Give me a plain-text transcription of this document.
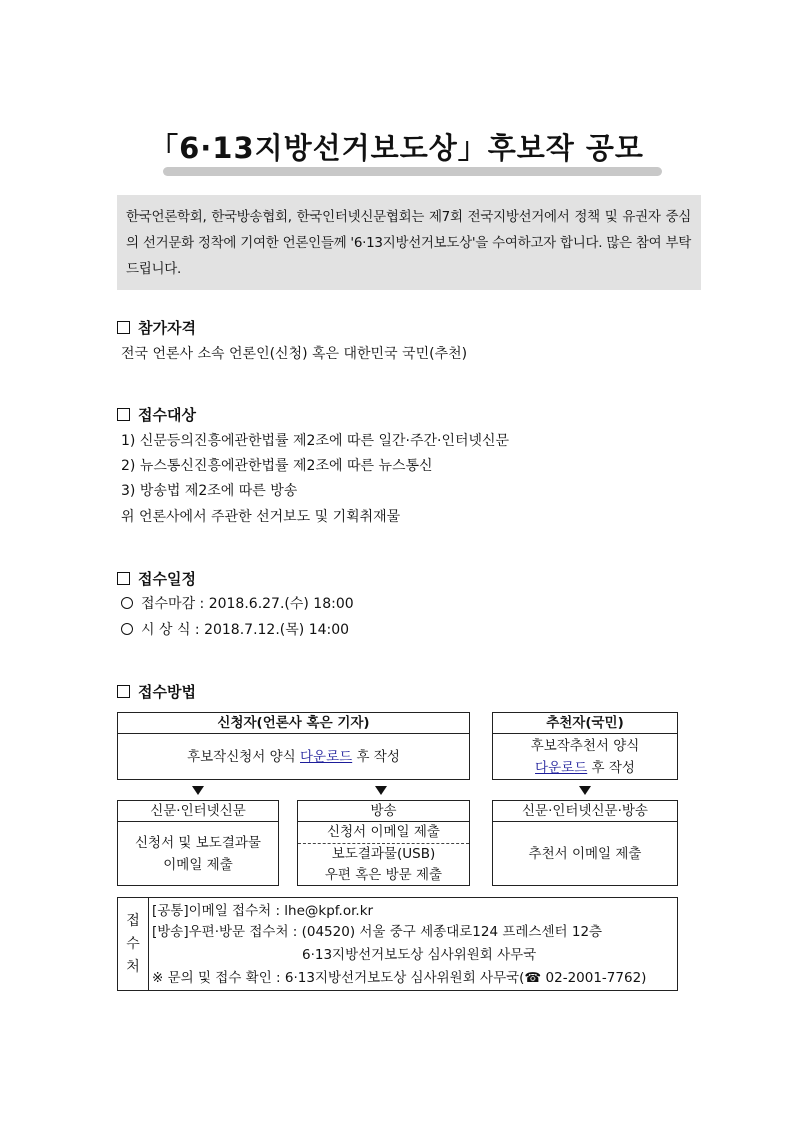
「6·13지방선거보도상」후보작 공모
한국언론학회, 한국방송협회, 한국인터넷신문협회는 제7회 전국지방선거에서 정책 및 유권자 중심의 선거문화 정착에 기여한 언론인들께 '6·13지방선거보도상'을 수여하고자 합니다. 많은 참여 부탁드립니다.
참가자격
전국 언론사 소속 언론인(신청) 혹은 대한민국 국민(추천)
접수대상
1) 신문등의진흥에관한법률 제2조에 따른 일간·주간·인터넷신문
2) 뉴스통신진흥에관한법률 제2조에 따른 뉴스통신
3) 방송법 제2조에 따른 방송
위 언론사에서 주관한 선거보도 및 기획취재물
접수일정
접수마감 : 2018.6.27.(수) 18:00
시 상 식 : 2018.7.12.(목) 14:00
접수방법
신청자(언론사 혹은 기자)
후보작신청서 양식 다운로드 후 작성
추천자(국민)
후보작추천서 양식
다운로드 후 작성
신문·인터넷신문
신청서 및 보도결과물
이메일 제출
방송
신청서 이메일 제출
보도결과물(USB)
우편 혹은 방문 제출
신문·인터넷신문·방송
추천서 이메일 제출
접
수
처
[공통]이메일 접수처 : lhe@kpf.or.kr
[방송]우편·방문 접수처 : (04520) 서울 중구 세종대로124 프레스센터 12층
6·13지방선거보도상 심사위원회 사무국
※ 문의 및 접수 확인 : 6·13지방선거보도상 심사위원회 사무국(☎ 02-2001-7762)
